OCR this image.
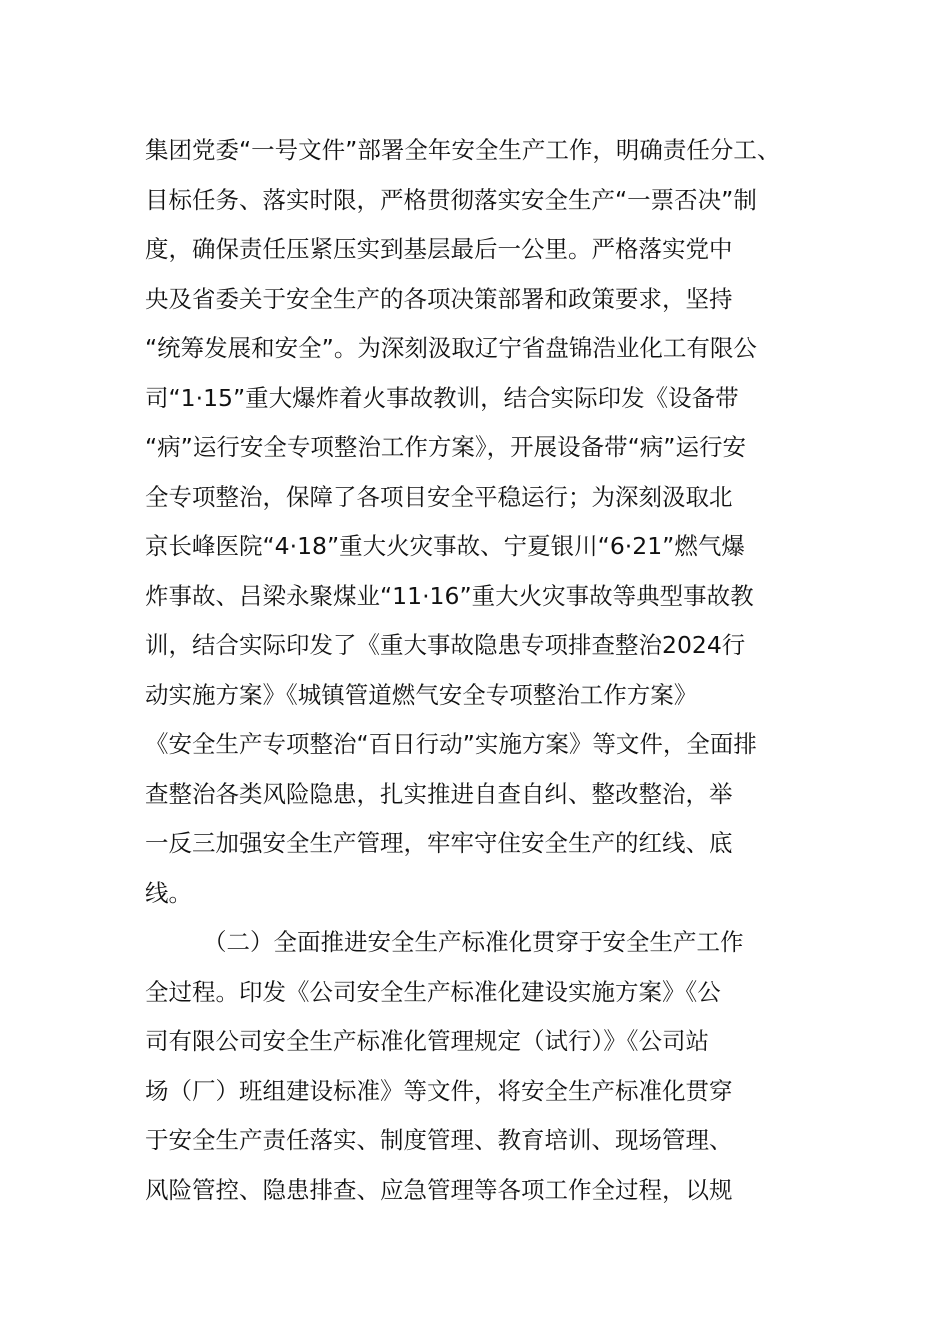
集团党委“一号文件”部署全年安全生产工作，明确责任分工、
目标任务、落实时限，严格贯彻落实安全生产“一票否决”制
度，确保责任压紧压实到基层最后一公里。严格落实党中
央及省委关于安全生产的各项决策部署和政策要求，坚持
“统筹发展和安全”。为深刻汲取辽宁省盘锦浩业化工有限公
司“1·15”重大爆炸着火事故教训，结合实际印发《设备带
“病”运行安全专项整治工作方案》，开展设备带“病”运行安
全专项整治，保障了各项目安全平稳运行；为深刻汲取北
京长峰医院“4·18”重大火灾事故、宁夏银川“6·21”燃气爆
炸事故、吕梁永聚煤业“11·16”重大火灾事故等典型事故教
训，结合实际印发了《重大事故隐患专项排查整治2024行
动实施方案》《城镇管道燃气安全专项整治工作方案》
《安全生产专项整治“百日行动”实施方案》等文件，全面排
查整治各类风险隐患，扎实推进自查自纠、整改整治，举
一反三加强安全生产管理，牢牢守住安全生产的红线、底
线。
（二）全面推进安全生产标准化贯穿于安全生产工作
全过程。印发《公司安全生产标准化建设实施方案》《公
司有限公司安全生产标准化管理规定（试行）》《公司站
场（厂）班组建设标准》等文件，将安全生产标准化贯穿
于安全生产责任落实、制度管理、教育培训、现场管理、
风险管控、隐患排查、应急管理等各项工作全过程，以规
